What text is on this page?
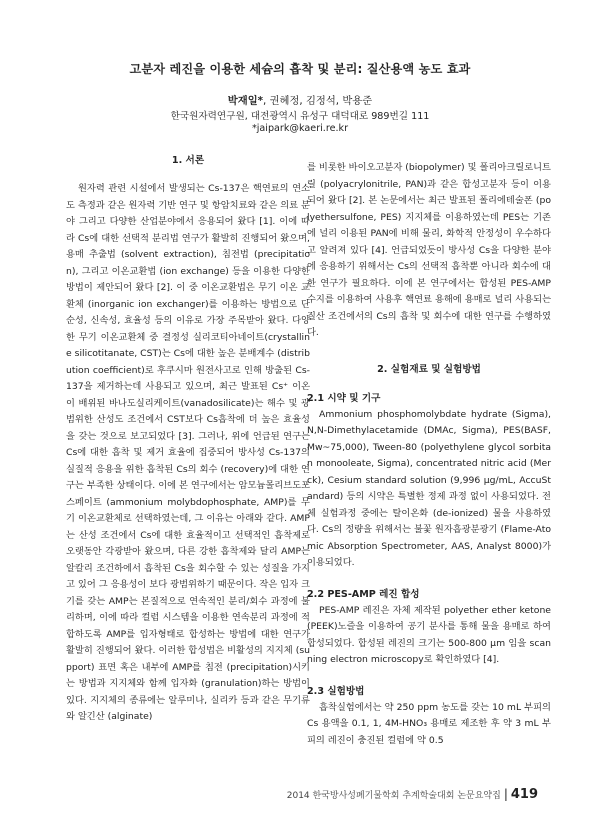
고분자 레진을 이용한 세슘의 흡착 및 분리: 질산용액 농도 효과
박재일*, 권혜정, 김정석, 박용준
한국원자력연구원, 대전광역시 유성구 대덕대로 989번길 111
*jaipark@kaeri.re.kr
1. 서론

원자력 관련 시설에서 발생되는 Cs-137은 핵연료의 연소도 측정과 같은 원자력 기반 연구 및 항암치료와 같은 의료 분야 그리고 다양한 산업분야에서 응용되어 왔다 [1]. 이에 따라 Cs에 대한 선택적 분리법 연구가 활발히 진행되어 왔으며, 용매 추출법 (solvent extraction), 침전법 (precipitation), 그리고 이온교환법 (ion exchange) 등을 이용한 다양한 방법이 제안되어 왔다 [2]. 이 중 이온교환법은 무기 이온 교환체 (inorganic ion exchanger)를 이용하는 방법으로 단순성, 신속성, 효율성 등의 이유로 가장 주목받아 왔다. 다양한 무기 이온교환체 중 결정성 실리코티아네이트(crystalline silicotitanate, CST)는 Cs에 대한 높은 분배계수 (distribution coefficient)로 후쿠시마 원전사고로 인해 방출된 Cs-137을 제거하는데 사용되고 있으며, 최근 발표된 Cs⁺ 이온이 배위된 바나도실리케이트(vanadosilicate)는 해수 및 광범위한 산성도 조건에서 CST보다 Cs흡착에 더 높은 효율성을 갖는 것으로 보고되었다 [3]. 그러나, 위에 언급된 연구는 Cs에 대한 흡착 및 제거 효율에 집중되어 방사성 Cs-137의 실질적 응용을 위한 흡착된 Cs의 회수 (recovery)에 대한 연구는 부족한 상태이다. 이에 본 연구에서는 암모늄몰리브도포스페이트 (ammonium molybdophosphate, AMP)를 무기 이온교환체로 선택하였는데, 그 이유는 아래와 같다. AMP는 산성 조건에서 Cs에 대한 효율적이고 선택적인 흡착제로 오랫동안 각광받아 왔으며, 다른 강한 흡착제와 달리 AMP는 알칼리 조건하에서 흡착된 Cs을 회수할 수 있는 성질을 가지고 있어 그 응용성이 보다 광범위하기 때문이다. 작은 입자 크기를 갖는 AMP는 본질적으로 연속적인 분리/회수 과정에 불리하며, 이에 따라 컬럼 시스템을 이용한 연속분리 과정에 적합하도록 AMP를 입자형태로 합성하는 방법에 대한 연구가 활발히 진행되어 왔다. 이러한 합성법은 비활성의 지지체 (support) 표면 혹은 내부에 AMP를 침전 (precipitation)시키는 방법과 지지체와 함께 입자화 (granulation)하는 방법이 있다. 지지체의 종류에는 알루미나, 실리카 등과 같은 무기류와 알긴산 (alginate)

를 비롯한 바이오고분자 (biopolymer) 및 폴리아크릴로니트릴 (polyacrylonitrile, PAN)과 같은 합성고분자 등이 이용되어 왔다 [2]. 본 논문에서는 최근 발표된 폴리에테술폰 (polyethersulfone, PES) 지지체를 이용하였는데 PES는 기존에 널리 이용된 PAN에 비해 물리, 화학적 안정성이 우수하다고 알려져 있다 [4]. 언급되었듯이 방사성 Cs을 다양한 분야에 응용하기 위해서는 Cs의 선택적 흡착뿐 아니라 회수에 대한 연구가 필요하다. 이에 본 연구에서는 합성된 PES-AMP 수지를 이용하여 사용후 핵연료 용해에 용매로 널리 사용되는 질산 조건에서의 Cs의 흡착 및 회수에 대한 연구를 수행하였다.

2. 실험재료 및 실험방법
2.1 시약 및 기구

Ammonium phosphomolybdate hydrate (Sigma), N,N-Dimethylacetamide (DMAc, Sigma), PES(BASF, Mw~75,000), Tween-80 (polyethylene glycol sorbitan monooleate, Sigma), concentrated nitric acid (Merck), Cesium standard solution (9,996 μg/mL, AccuStandard) 등의 시약은 특별한 정제 과정 없이 사용되었다. 전체 실험과정 중에는 탈이온화 (de-ionized) 물을 사용하였다. Cs의 정량을 위해서는 불꽃 원자흡광분광기 (Flame-Atomic Absorption Spectrometer, AAS, Analyst 8000)가 이용되었다.

2.2 PES-AMP 레진 합성

PES-AMP 레진은 자체 제작된 polyether ether ketone (PEEK)노즐을 이용하여 공기 분사를 통해 물을 용매로 하여 합성되었다. 합성된 레진의 크기는 500-800 μm 임을 scanning electron microscopy로 확인하였다 [4].

2.3 실험방법

흡착실험에서는 약 250 ppm 농도를 갖는 10 mL 부피의 Cs 용액을 0.1, 1, 4M-HNO₃ 용매로 제조한 후 약 3 mL 부피의 레진이 충진된 컬럼에 약 0.5

2014 한국방사성폐기물학회 추계학술대회 논문요약집 | 419
